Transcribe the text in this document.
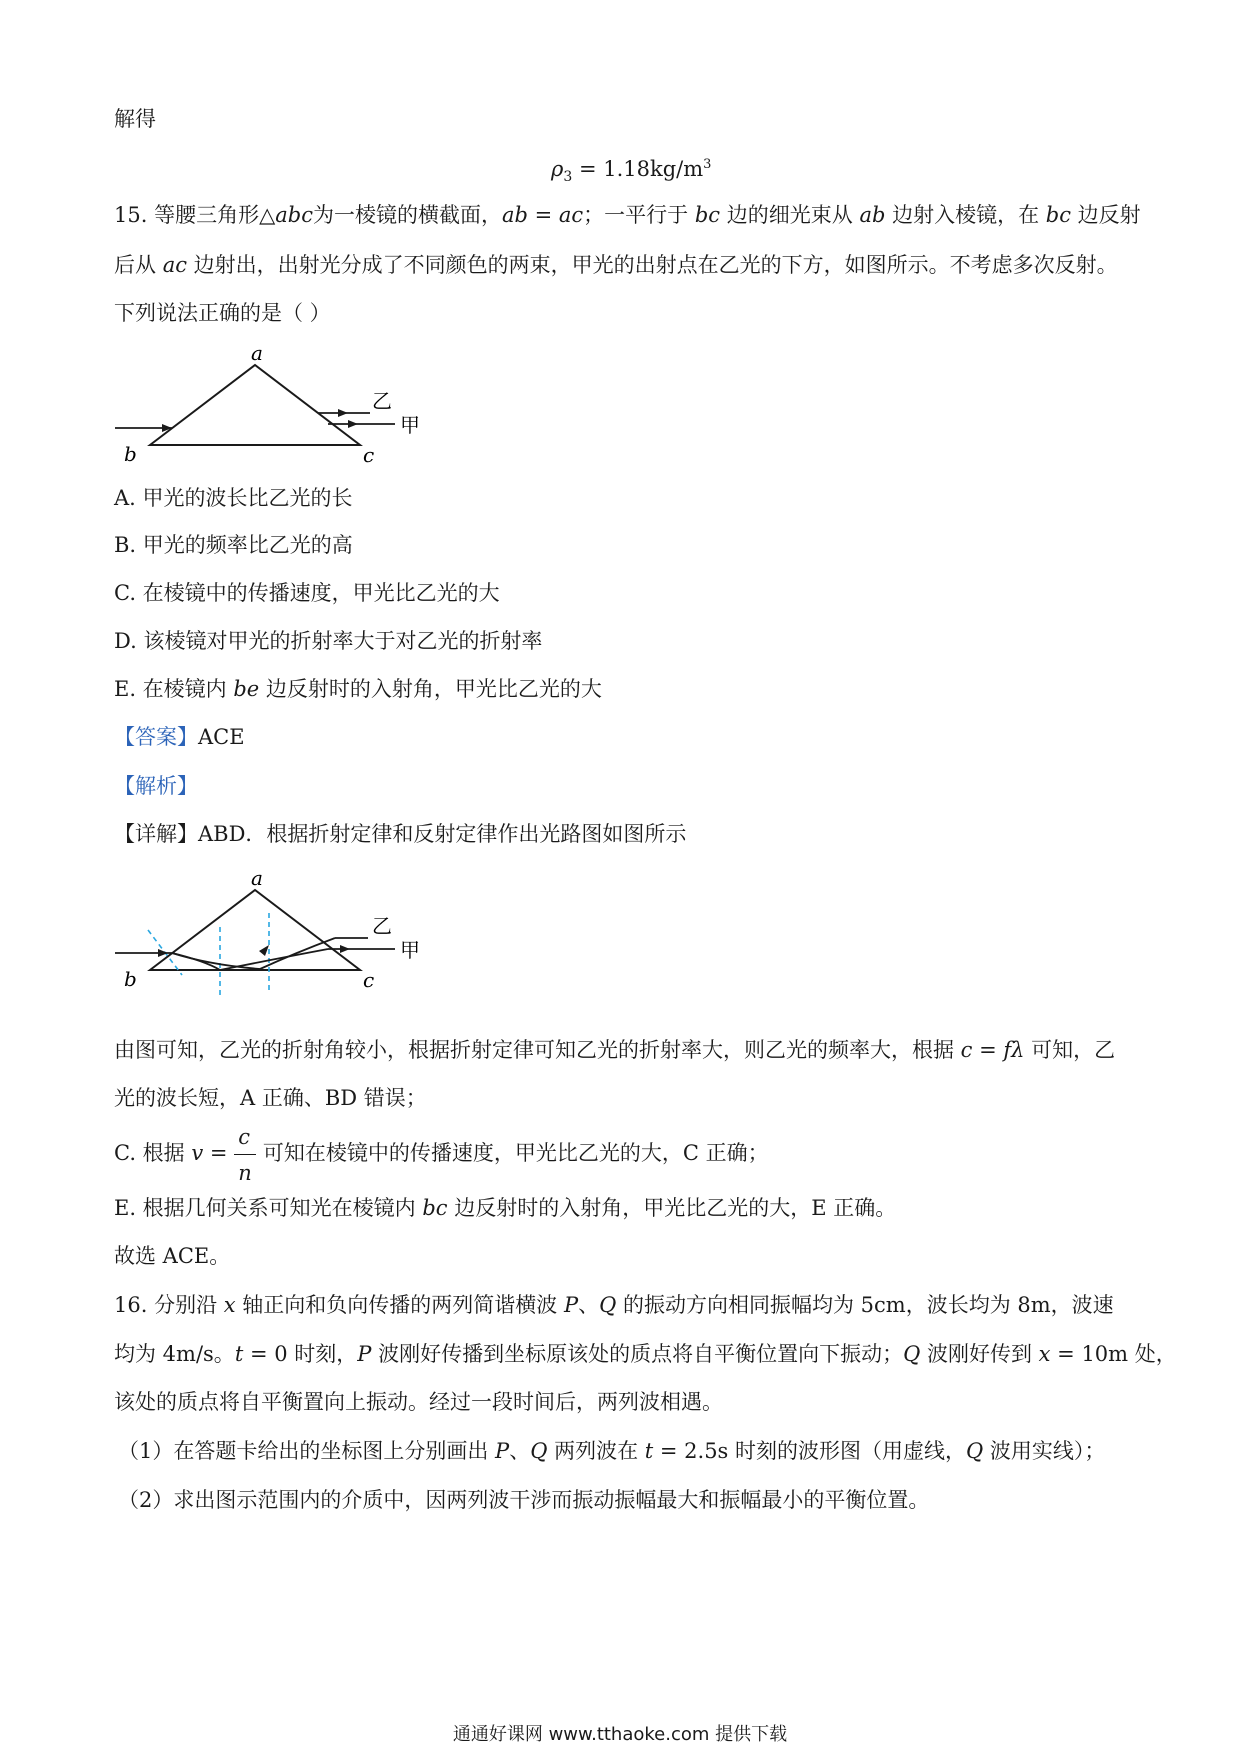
解得
$\rho_3 = 1.18kg/m^3$
15. 等腰三角形△abc为一棱镜的横截面，ab = ac；一平行于 bc 边的细光束从 ab 边射入棱镜，在 bc 边反射
后从 ac 边射出，出射光分成了不同颜色的两束，甲光的出射点在乙光的下方，如图所示。不考虑多次反射。
下列说法正确的是（ ）
a
b	c
乙
甲
A. 甲光的波长比乙光的长
B. 甲光的频率比乙光的高
C. 在棱镜中的传播速度，甲光比乙光的大
D. 该棱镜对甲光的折射率大于对乙光的折射率
E. 在棱镜内 be 边反射时的入射角，甲光比乙光的大
【答案】ACE
【解析】
【详解】ABD．根据折射定律和反射定律作出光路图如图所示
a
b	c
乙
甲
由图可知，乙光的折射角较小，根据折射定律可知乙光的折射率大，则乙光的频率大，根据 c = fλ 可知，乙
光的波长短，A 正确、BD 错误；
C. 根据 $v = \frac{c}{n}$ 可知在棱镜中的传播速度，甲光比乙光的大，C 正确；
E. 根据几何关系可知光在棱镜内 bc 边反射时的入射角，甲光比乙光的大，E 正确。
故选 ACE。
16. 分别沿 x 轴正向和负向传播的两列简谐横波 P、Q 的振动方向相同振幅均为 5cm，波长均为 8m，波速
均为 4m/s。t = 0 时刻，P 波刚好传播到坐标原该处的质点将自平衡位置向下振动；Q 波刚好传到 x = 10m 处，
该处的质点将自平衡置向上振动。经过一段时间后，两列波相遇。
（1）在答题卡给出的坐标图上分别画出 P、Q 两列波在 t = 2.5s 时刻的波形图（用虚线，Q 波用实线）；
（2）求出图示范围内的介质中，因两列波干涉而振动振幅最大和振幅最小的平衡位置。
通通好课网 www.tthaoke.com 提供下载
